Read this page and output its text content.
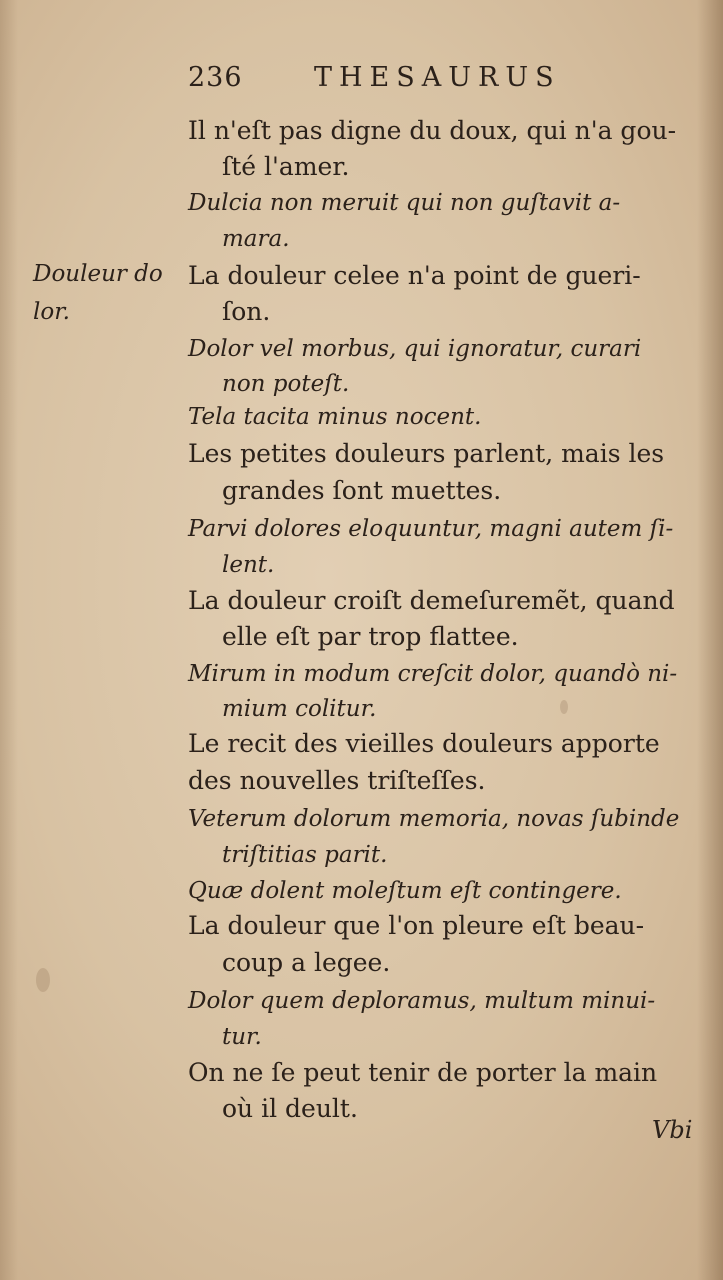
236	THESAURUS
Douleur do
lor.
Il n'eſt pas digne du doux, qui n'a gou-
ſté l'amer.
Dulcia non meruit qui non guſtavit a-
mara.
La douleur celee n'a point de gueri-
ſon.
Dolor vel morbus, qui ignoratur, curari
non poteſt.
Tela tacita minus nocent.
Les petites douleurs parlent, mais les
grandes ſont muettes.
Parvi dolores eloquuntur, magni autem ſi-
lent.
La douleur croiſt demeſuremẽt, quand
elle eſt par trop flattee.
Mirum in modum creſcit dolor, quandò ni-
mium colitur.
Le recit des vieilles douleurs apporte
des nouvelles triſteſſes.
Veterum dolorum memoria, novas ſubinde
triſtitias parit.
Quæ dolent moleſtum eſt contingere.
La douleur que l'on pleure eſt beau-
coup a legee.
Dolor quem deploramus, multum minui-
tur.
On ne ſe peut tenir de porter la main
où il deult.
Vbi
